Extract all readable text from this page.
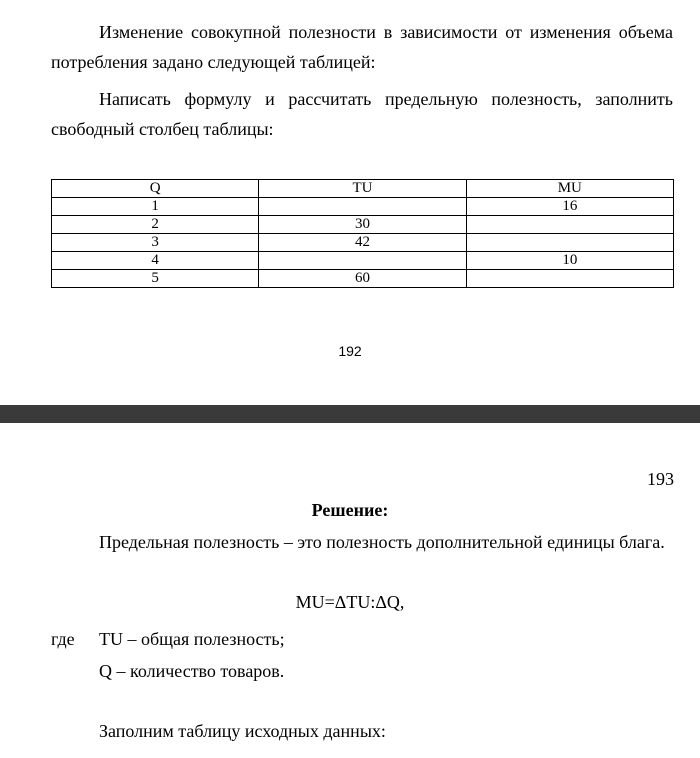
Изменение совокупной полезности в зависимости от изменения объема потребления задано следующей таблицей:
Написать формулу и рассчитать предельную полезность, заполнить свободный столбец таблицы:
Q	TU	MU
1		16
2	30	
3	42	
4		10
5	60	
192
193
Решение:
Предельная полезность – это полезность дополнительной единицы блага.
MU=ΔTU:ΔQ,
где TU – общая полезность;
Q – количество товаров.
Заполним таблицу исходных данных:
